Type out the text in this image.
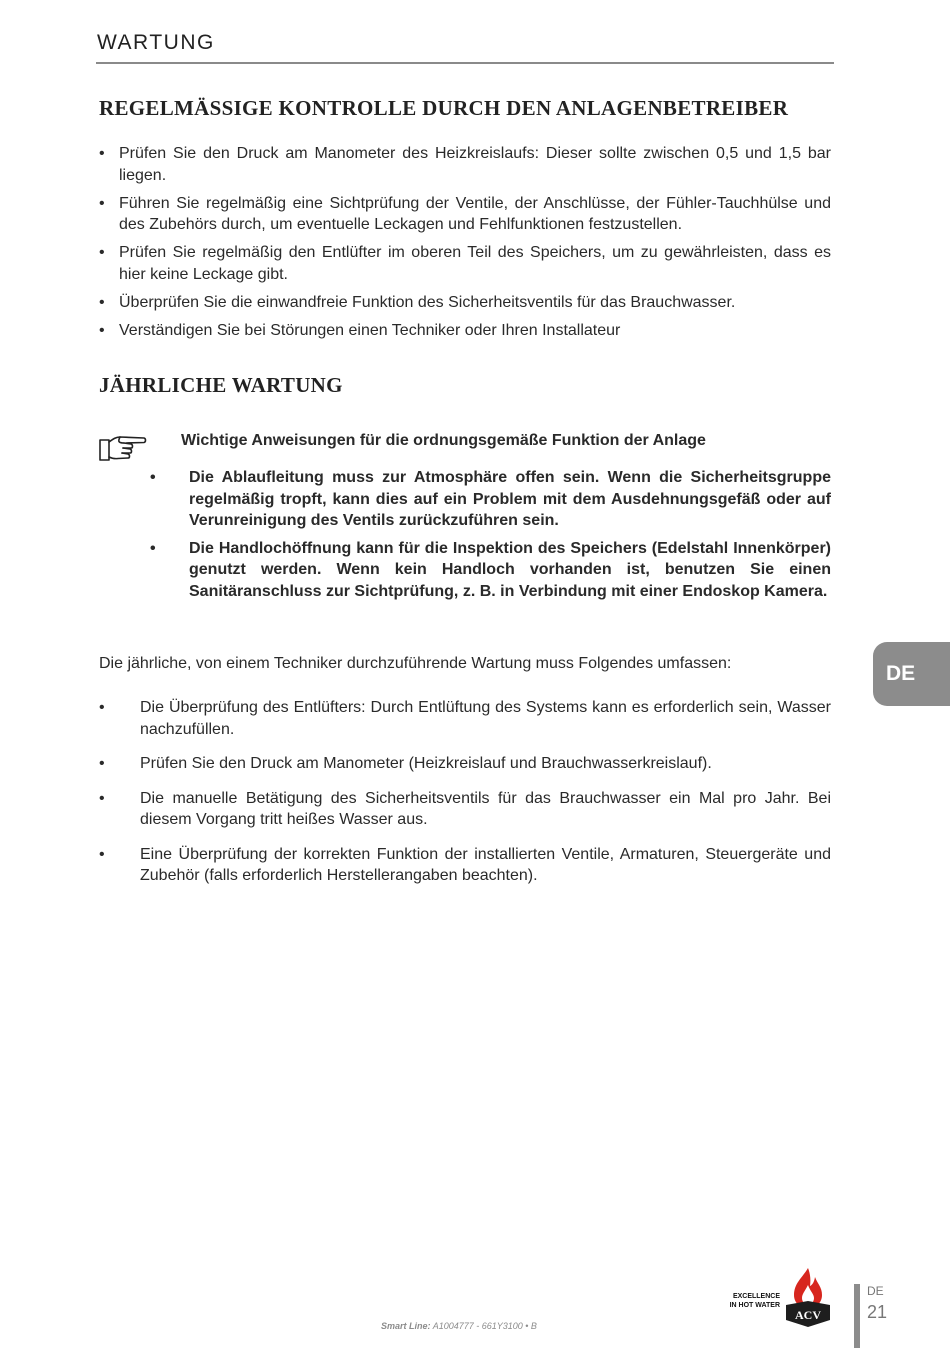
WARTUNG
REGELMÄSSIGE KONTROLLE DURCH DEN ANLAGENBETREIBER
• Prüfen Sie den Druck am Manometer des Heizkreislaufs: Dieser sollte zwischen 0,5 und 1,5 bar liegen.
• Führen Sie regelmäßig eine Sichtprüfung der Ventile, der Anschlüsse, der Fühler-Tauchhülse und des Zubehörs durch, um eventuelle Leckagen und Fehlfunktionen festzustellen.
• Prüfen Sie regelmäßig den Entlüfter im oberen Teil des Speichers, um zu gewährleisten, dass es hier keine Leckage gibt.
• Überprüfen Sie die einwandfreie Funktion des Sicherheitsventils für das Brauchwasser.
• Verständigen Sie bei Störungen einen Techniker oder Ihren Installateur
JÄHRLICHE WARTUNG
Wichtige Anweisungen für die ordnungsgemäße Funktion der Anlage
• Die Ablaufleitung muss zur Atmosphäre offen sein. Wenn die Sicherheitsgruppe regelmäßig tropft, kann dies auf ein Problem mit dem Ausdehnungsgefäß oder auf Verunreinigung des Ventils zurückzuführen sein.
• Die Handlochöffnung kann für die Inspektion des Speichers (Edelstahl Innenkörper) genutzt werden. Wenn kein Handloch vorhanden ist, benutzen Sie einen Sanitäranschluss zur Sichtprüfung, z. B. in Verbindung mit einer Endoskop Kamera.
Die jährliche, von einem Techniker durchzuführende Wartung muss Folgendes umfassen:
• Die Überprüfung des Entlüfters: Durch Entlüftung des Systems kann es erforderlich sein, Wasser nachzufüllen.
• Prüfen Sie den Druck am Manometer (Heizkreislauf und Brauchwasserkreislauf).
• Die manuelle Betätigung des Sicherheitsventils für das Brauchwasser ein Mal pro Jahr. Bei diesem Vorgang tritt heißes Wasser aus.
• Eine Überprüfung der korrekten Funktion der installierten Ventile, Armaturen, Steuergeräte und Zubehör (falls erforderlich Herstellerangaben beachten).
DE
Smart Line: A1004777 - 661Y3100 • B
EXCELLENCE
IN HOT WATER
ACV
DE
21
